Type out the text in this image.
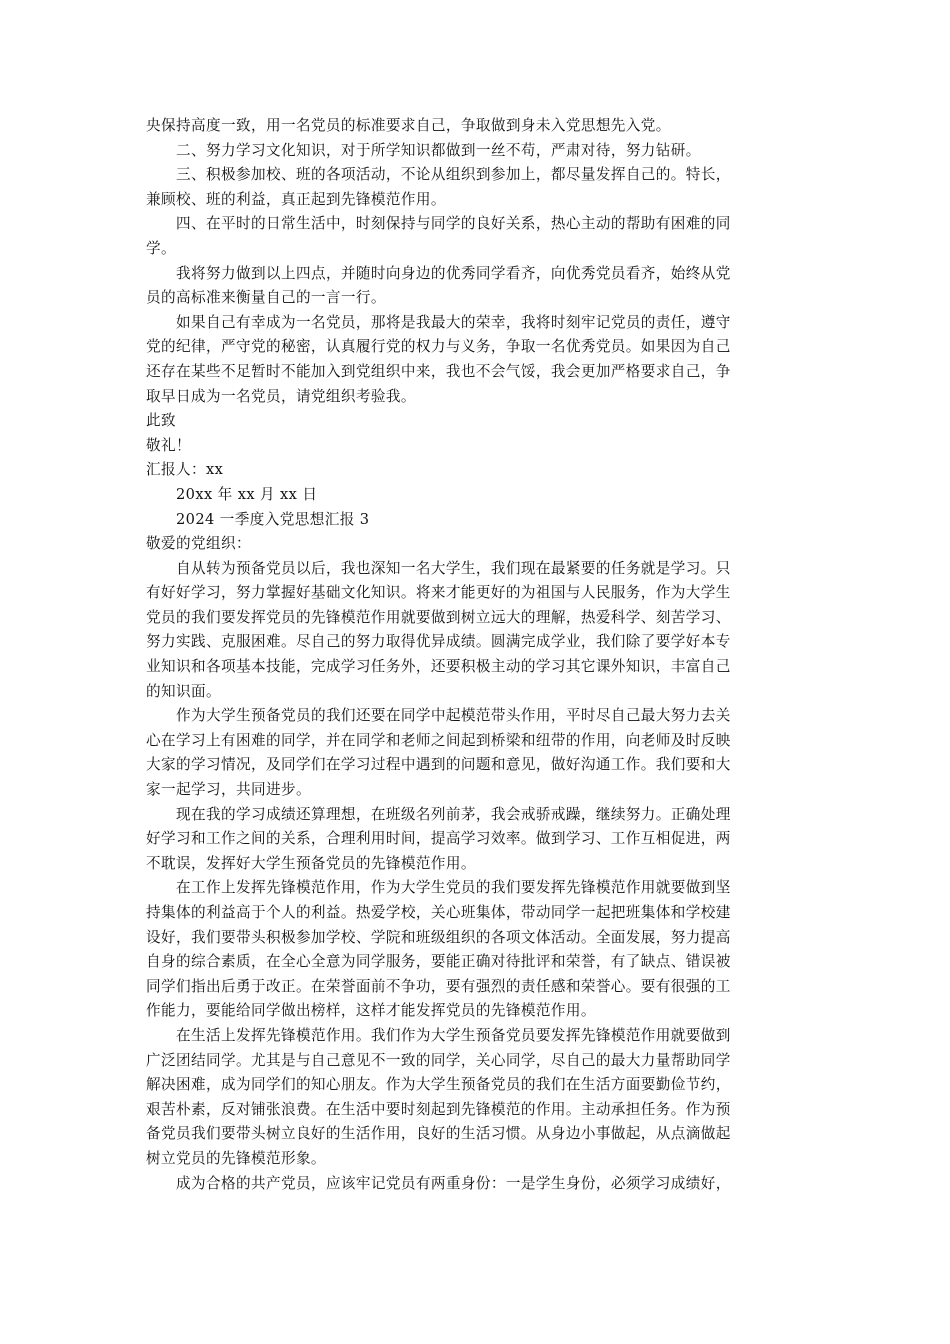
央保持高度一致，用一名党员的标准要求自己，争取做到身未入党思想先入党。
二、努力学习文化知识，对于所学知识都做到一丝不苟，严肃对待，努力钻研。
三、积极参加校、班的各项活动，不论从组织到参加上，都尽量发挥自己的。特长，
兼顾校、班的利益，真正起到先锋模范作用。
四、在平时的日常生活中，时刻保持与同学的良好关系，热心主动的帮助有困难的同
学。
我将努力做到以上四点，并随时向身边的优秀同学看齐，向优秀党员看齐，始终从党
员的高标准来衡量自己的一言一行。
如果自己有幸成为一名党员，那将是我最大的荣幸，我将时刻牢记党员的责任，遵守
党的纪律，严守党的秘密，认真履行党的权力与义务，争取一名优秀党员。如果因为自己
还存在某些不足暂时不能加入到党组织中来，我也不会气馁，我会更加严格要求自己，争
取早日成为一名党员，请党组织考验我。
此致
敬礼！
汇报人：xx
20xx 年 xx 月 xx 日
2024 一季度入党思想汇报 3
敬爱的党组织：
自从转为预备党员以后，我也深知一名大学生，我们现在最紧要的任务就是学习。只
有好好学习，努力掌握好基础文化知识。将来才能更好的为祖国与人民服务，作为大学生
党员的我们要发挥党员的先锋模范作用就要做到树立远大的理解，热爱科学、刻苦学习、
努力实践、克服困难。尽自己的努力取得优异成绩。圆满完成学业，我们除了要学好本专
业知识和各项基本技能，完成学习任务外，还要积极主动的学习其它课外知识，丰富自己
的知识面。
作为大学生预备党员的我们还要在同学中起模范带头作用，平时尽自己最大努力去关
心在学习上有困难的同学，并在同学和老师之间起到桥梁和纽带的作用，向老师及时反映
大家的学习情况，及同学们在学习过程中遇到的问题和意见，做好沟通工作。我们要和大
家一起学习，共同进步。
现在我的学习成绩还算理想，在班级名列前茅，我会戒骄戒躁，继续努力。正确处理
好学习和工作之间的关系，合理利用时间，提高学习效率。做到学习、工作互相促进，两
不耽误，发挥好大学生预备党员的先锋模范作用。
在工作上发挥先锋模范作用，作为大学生党员的我们要发挥先锋模范作用就要做到坚
持集体的利益高于个人的利益。热爱学校，关心班集体，带动同学一起把班集体和学校建
设好，我们要带头积极参加学校、学院和班级组织的各项文体活动。全面发展，努力提高
自身的综合素质，在全心全意为同学服务，要能正确对待批评和荣誉，有了缺点、错误被
同学们指出后勇于改正。在荣誉面前不争功，要有强烈的责任感和荣誉心。要有很强的工
作能力，要能给同学做出榜样，这样才能发挥党员的先锋模范作用。
在生活上发挥先锋模范作用。我们作为大学生预备党员要发挥先锋模范作用就要做到
广泛团结同学。尤其是与自己意见不一致的同学，关心同学，尽自己的最大力量帮助同学
解决困难，成为同学们的知心朋友。作为大学生预备党员的我们在生活方面要勤俭节约，
艰苦朴素，反对铺张浪费。在生活中要时刻起到先锋模范的作用。主动承担任务。作为预
备党员我们要带头树立良好的生活作用，良好的生活习惯。从身边小事做起，从点滴做起
树立党员的先锋模范形象。
成为合格的共产党员，应该牢记党员有两重身份：一是学生身份，必须学习成绩好，
